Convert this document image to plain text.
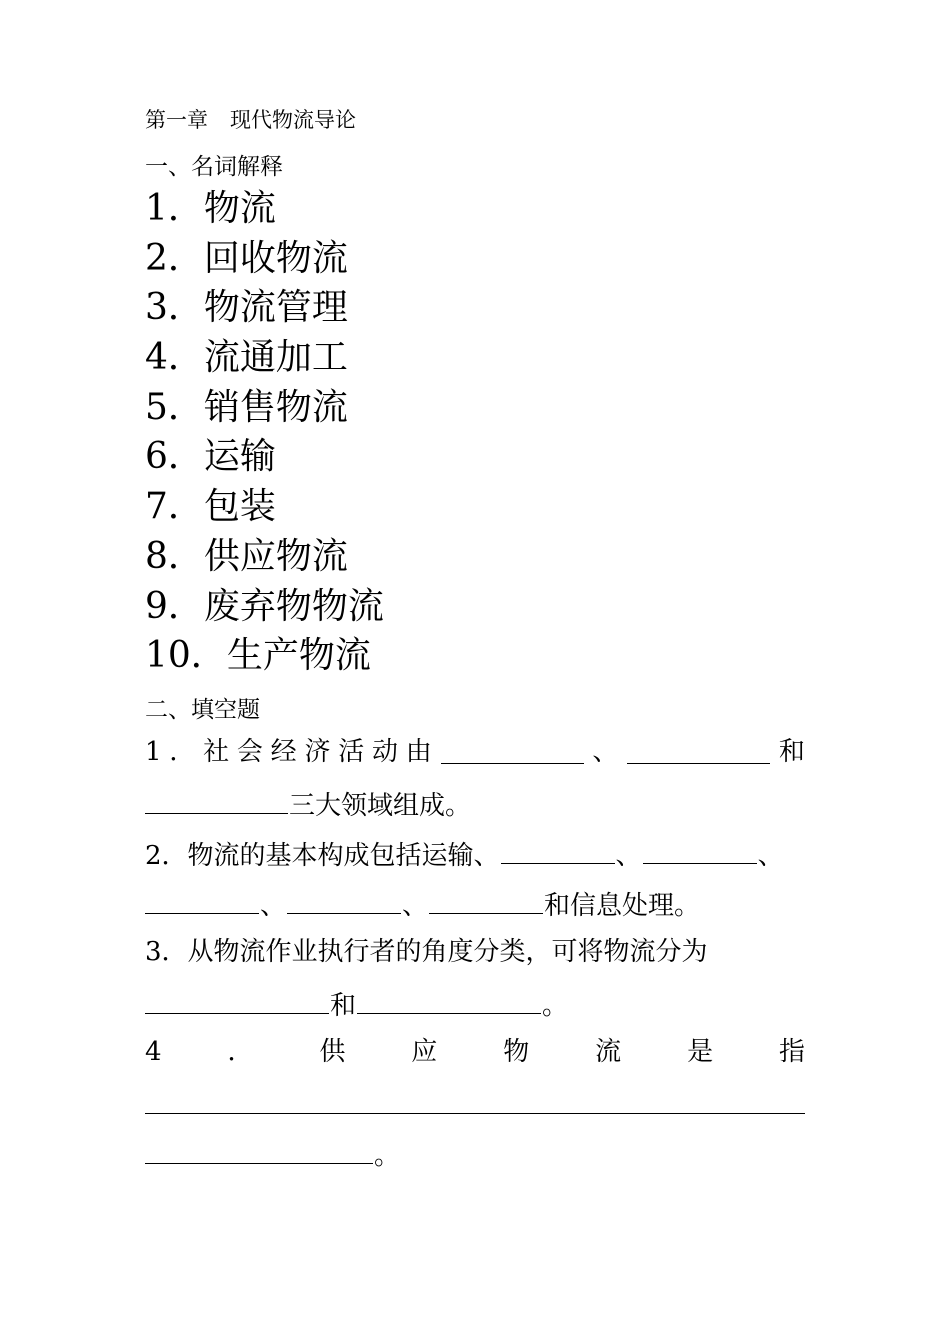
第一章 现代物流导论
一、名词解释
1．物流
2．回收物流
3．物流管理
4．流通加工
5．销售物流
6．运输
7．包装
8．供应物流
9．废弃物物流
10．生产物流
二、填空题
1 ． 社 会 经 济 活 动 由	、	和
三大领域组成。
2．物流的基本构成包括运输、	、	、
、	、	和信息处理。
3．从物流作业执行者的角度分类，可将物流分为
和	。
4	．	供	应	物	流	是	指
。
